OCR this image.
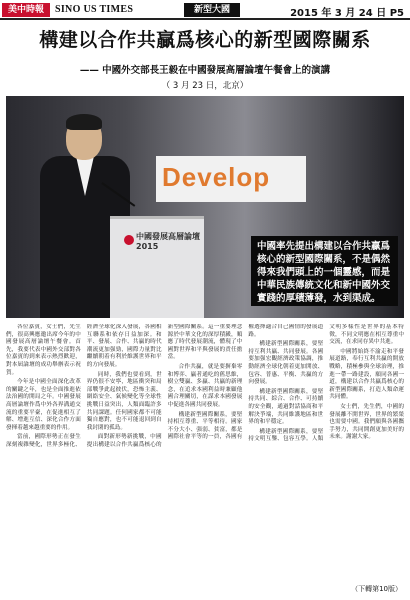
美中時報	SINO US TIMES	新型大國	2015 年 3 月 24 日 P5
構建以合作共贏爲核心的新型國際關系
—— 中國外交部長王毅在中國發展高層論壇午餐會上的演講
（ 3 月 23 日，北京）
Develop
中國發展高層論壇 2015	中國率先提出構建以合作共贏爲核心的新型國際關系，不是偶然得來我們頭上的一個靈感，而是中華民族傳統文化和新中國外交實踐的厚積薄發，水到渠成。

各位嘉賓，女士們，先生們，很高興應邀出席今年的中國發展高層論壇午餐會。首先，我要代表中國外交部對各位嘉賓的到來表示熱烈歡迎，對本屆論壇的成功舉辦表示祝賀。

今年是中國全面深化改革的關鍵之年，也是全面推進依法治國的開局之年。中國發展高層論壇作爲中外各界溝通交流的重要平臺，在促進相互了解、增進互信、深化合作方面發揮着越來越重要的作用。

當前，國際形勢正在發生深刻複雜變化，世界多極化、經濟全球化深入發展，各國相互聯系和依存日益加深。和平、發展、合作、共贏的時代潮流更加强勁，國際力量對比繼續朝着有利於維護世界和平的方向發展。

同時，我們也要看到，世界仍很不安寧，地區衝突和局部戰爭此起彼伏，恐怖主義、網絡安全、氣候變化等全球性挑戰日益突出，人類面臨許多共同課題。任何國家都不可能獨自應對，也不可能退回到自我封閉的孤島。

面對新形勢新挑戰，中國提出構建以合作共贏爲核心的新型國際關系。這一重要理念源於中華文化的深厚積澱，順應了時代發展潮流，體現了中國對世界和平與發展的責任擔當。

合作共贏，就是要摒棄零和博弈、贏者通吃的舊思維，樹立雙贏、多贏、共贏的新理念，在追求本國利益時兼顧他國合理關切，在謀求本國發展中促進各國共同發展。

構建新型國際關系，要堅持相互尊重、平等相待。國家不分大小、强弱、貧富，都是國際社會平等的一員，各國有權選擇適合自己國情的發展道路。

構建新型國際關系，要堅持互利共贏、共同發展。各國要加强宏觀經濟政策協調，推動經濟全球化朝着更加開放、包容、普惠、平衡、共贏的方向發展。

構建新型國際關系，要堅持共同、綜合、合作、可持續的安全觀，通過對話協商和平解決爭端，共同維護地區和世界的和平穩定。

構建新型國際關系，要堅持文明互鑒、包容互學。人類文明多樣性是世界的基本特徵，不同文明應在相互尊重中交流，在求同存異中共進。

中國將始終不渝走和平發展道路，奉行互利共贏的開放戰略，積極參與全球治理，推進一帶一路建設，願同各國一道，構建以合作共贏爲核心的新型國際關系，打造人類命運共同體。

女士們，先生們，中國的發展離不開世界，世界的繁榮也需要中國。我們願與各國攜手努力，共同開創更加美好的未來。謝謝大家。

（下轉第10版）
